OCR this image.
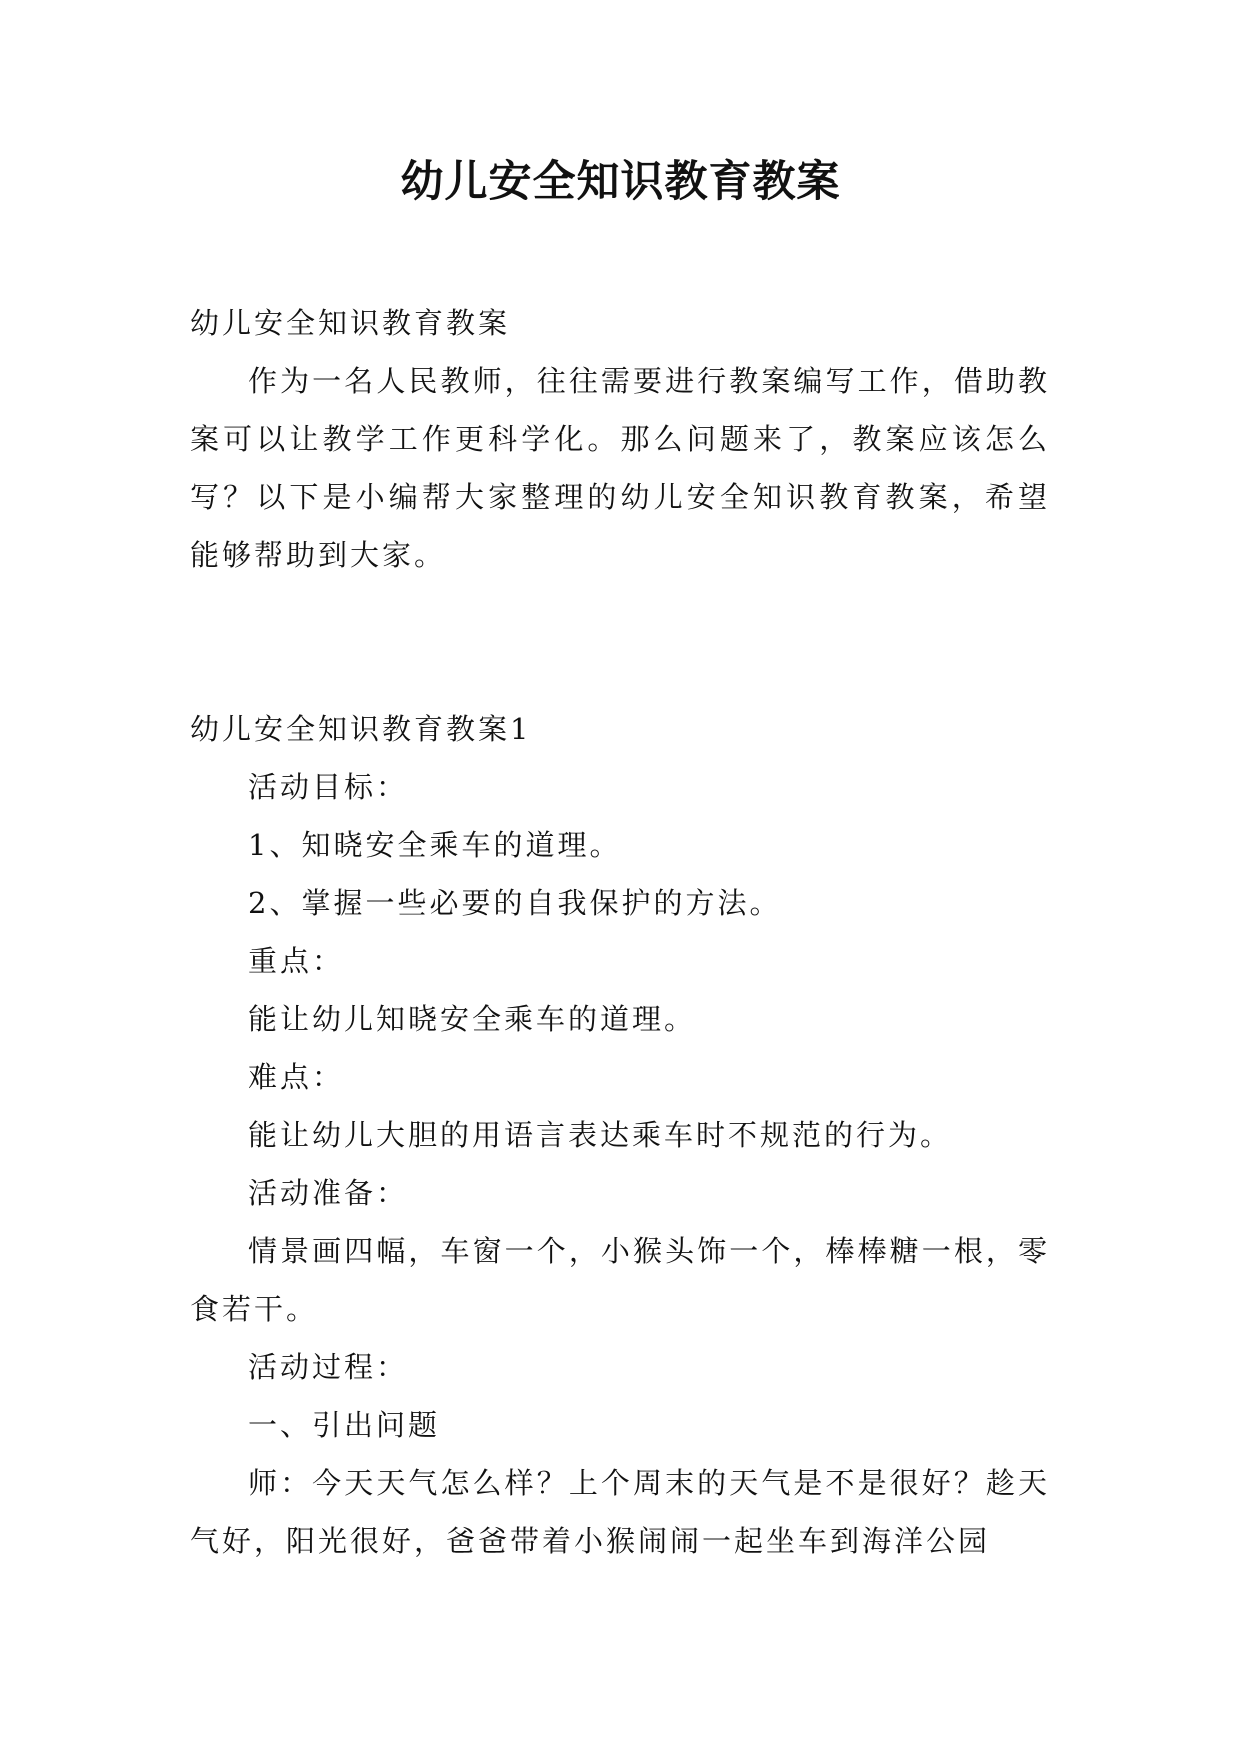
幼儿安全知识教育教案

幼儿安全知识教育教案

作为一名人民教师，往往需要进行教案编写工作，借助教案可以让教学工作更科学化。那么问题来了，教案应该怎么写？以下是小编帮大家整理的幼儿安全知识教育教案，希望能够帮助到大家。

幼儿安全知识教育教案1

活动目标：

1、知晓安全乘车的道理。

2、掌握一些必要的自我保护的方法。

重点：

能让幼儿知晓安全乘车的道理。

难点：

能让幼儿大胆的用语言表达乘车时不规范的行为。

活动准备：

情景画四幅，车窗一个，小猴头饰一个，棒棒糖一根，零食若干。

活动过程：

一、引出问题

师：今天天气怎么样？上个周末的天气是不是很好？趁天气好，阳光很好，爸爸带着小猴闹闹一起坐车到海洋公园
